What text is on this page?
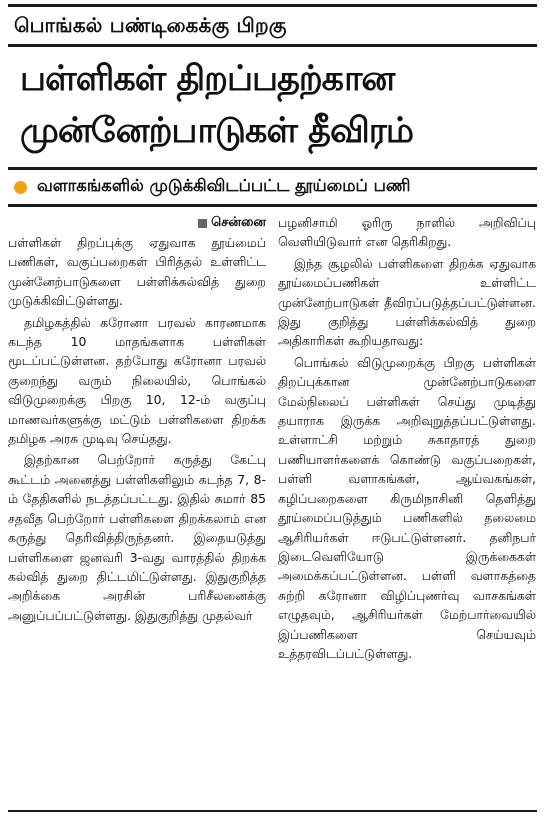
பொங்கல் பண்டிகைக்கு பிறகு
பள்ளிகள் திறப்பதற்கான
முன்னேற்பாடுகள் தீவிரம்
வளாகங்களில் முடுக்கிவிடப்பட்ட தூய்மைப் பணி
சென்னை

பள்ளிகள் திறப்புக்கு ஏதுவாக தூய்மைப் பணிகள், வகுப்பறைகள் பிரித்தல் உள்ளிட்ட முன்னேற்பாடுகளை பள்ளிக்கல்வித் துறை முடுக்கிவிட்டுள்ளது.

தமிழகத்தில் கரோனா பரவல் காரணமாக கடந்த 10 மாதங்களாக பள்ளிகள் மூடப்பட்டுள்ளன. தற்போது கரோனா பரவல் குறைந்து வரும் நிலையில், பொங்கல் விடுமுறைக்கு பிறகு 10, 12-ம் வகுப்பு மாணவர்களுக்கு மட்டும் பள்ளிகளை திறக்க தமிழக அரசு முடிவு செய்தது.

இதற்கான பெற்றோர் கருத்து கேட்பு கூட்டம் அனைத்து பள்ளிகளிலும் கடந்த 7, 8-ம் தேதிகளில் நடத்தப்பட்டது. இதில் சுமார் 85 சதவீத பெற்றோர் பள்ளிகளை திறக்கலாம் என கருத்து தெரிவித்திருந்தனர். இதையடுத்து பள்ளிகளை ஜனவரி 3-வது வாரத்தில் திறக்க கல்வித் துறை திட்டமிட்டுள்ளது. இதுகுறித்த அறிக்கை அரசின் பரிசீலனைக்கு அனுப்பப்பட்டுள்ளது. இதுகுறித்து முதல்வர்

பழனிசாமி ஓரிரு நாளில் அறிவிப்பு வெளியிடுவார் என தெரிகிறது.

இந்த சூழலில் பள்ளிகளை திறக்க ஏதுவாக தூய்மைப்பணிகள் உள்ளிட்ட முன்னேற்பாடுகள் தீவிரப்படுத்தப்பட்டுள்ளன. இது குறித்து பள்ளிக்கல்வித் துறை அதிகாரிகள் கூறியதாவது:

பொங்கல் விடுமுறைக்கு பிறகு பள்ளிகள் திறப்புக்கான முன்னேற்பாடுகளை மேல்நிலைப் பள்ளிகள் செய்து முடித்து தயாராக இருக்க அறிவுறுத்தப்பட்டுள்ளது. உள்ளாட்சி மற்றும் சுகாதாரத் துறை பணியாளர்களைக் கொண்டு வகுப்பறைகள், பள்ளி வளாகங்கள், ஆய்வகங்கள், கழிப்பறைகளை கிருமிநாசினி தெளித்து தூய்மைப்படுத்தும் பணிகளில் தலைமை ஆசிரியர்கள் ஈடுபட்டுள்ளனர். தனிநபர் இடைவெளியோடு இருக்கைகள் அமைக்கப்பட்டுள்ளன. பள்ளி வளாகத்தை சுற்றி கரோனா விழிப்புணர்வு வாசகங்கள் எழுதவும், ஆசிரியர்கள் மேற்பார்வையில் இப்பணிகளை செய்யவும் உத்தரவிடப்பட்டுள்ளது.
